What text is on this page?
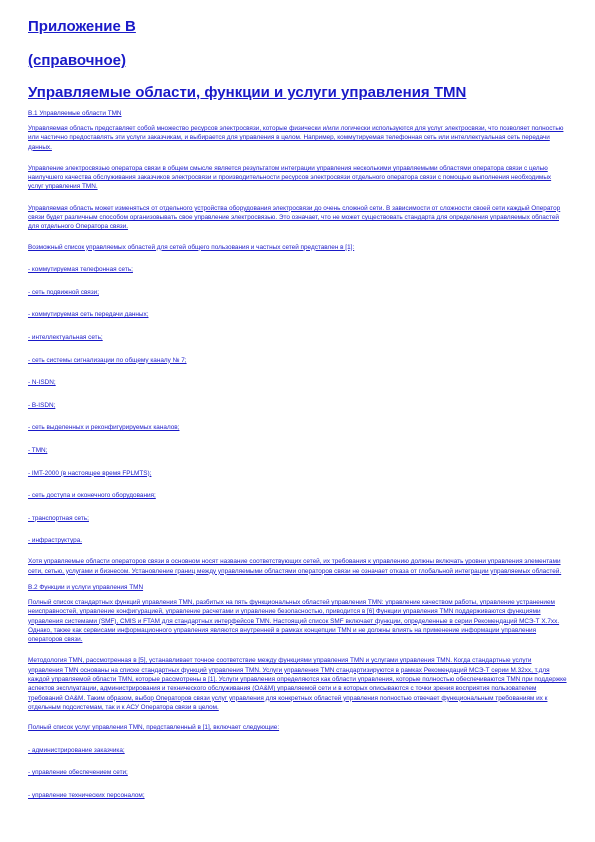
Приложение В

(справочное)

Управляемые области, функции и услуги управления TMN

В.1 Управляемые области TMN

Управляемая область представляет собой множество ресурсов электросвязи, которые физически и/или логически используются для услуг электросвязи, что позволяет полностью или частично предоставлять эти услуги заказчикам, и выбирается для управления в целом. Например, коммутируемая телефонная сеть или интеллектуальная сеть передачи данных.

Управление электросвязью оператора связи в общем смысле является результатом интеграции управления несколькими управляемыми областями оператора связи с целью наилучшего качества обслуживания заказчиков электросвязи и производительности ресурсов электросвязи отдельного оператора связи с помощью выполнения необходимых услуг управления TMN.

Управляемая область может изменяться от отдельного устройства оборудования электросвязи до очень сложной сети. В зависимости от сложности своей сети каждый Оператор связи будет различным способом организовывать свое управление электросвязью. Это означает, что не может существовать стандарта для определения управляемых областей для отдельного Оператора связи.

Возможный список управляемых областей для сетей общего пользования и частных сетей представлен в [1]:

- коммутируемая телефонная сеть;

- сеть подвижной связи;

- коммутируемая сеть передачи данных;

- интеллектуальная сеть;

- сеть системы сигнализации по общему каналу № 7;

- N-ISDN;

- B-ISDN;

- сеть выделенных и реконфигурируемых каналов;

- TMN;

- IMT-2000 (в настоящее время FPLMTS);

- сеть доступа и оконечного оборудования;

- транспортная сеть;

- инфраструктура.

Хотя управляемые области операторов связи в основном носят название соответствующих сетей, их требования к управлению должны включать уровни управления элементами сети, сетью, услугами и бизнесом. Установление границ между управляемыми областями операторов связи не означает отказа от глобальной интеграции управляемых областей.

В.2 Функции и услуги управления TMN

Полный список стандартных функций управления TMN, разбитых на пять функциональных областей управления TMN: управление качеством работы, управление устранением неисправностей, управление конфигурацией, управление расчетами и управление безопасностью, приводится в [6] Функции управления TMN поддерживаются функциями управления системами (SMF), CMIS и FTAM для стандартных интерфейсов TMN. Настоящий список SMF включает функции, определенные в серии Рекомендаций МСЭ-Т Х.7хх. Однако, также как сервисами информационного управления являются внутренней в рамках концепции TMN и не должны влиять на применение информации управления операторов связи.

Методология TMN, рассмотренная в [5], устанавливает точное соответствие между функциями управления TMN и услугами управления TMN. Когда стандартные услуги управления TMN основаны на списке стандартных функций управления TMN. Услуги управления TMN стандартизируются в рамках Рекомендаций МСЭ-Т серии М.32хх, т.для каждой управляемой области TMN, которые рассмотрены в [1]. Услуги управления определяются как области управления, которые полностью обеспечиваются TMN при поддержке аспектов эксплуатации, администрирования и технического обслуживания (OA&M) управляемой сети и в которых описываются с точки зрения восприятия пользователем требований OA&M. Таким образом, выбор Операторов связи услуг управления для конкретных областей управления полностью отвечает функциональным требованиям их к отдельным подсистемам, так и к АСУ Оператора связи в целом.

Полный список услуг управления TMN, представленный в [1], включает следующие:

- администрирование заказчика;

- управление обеспечением сети;

- управление технических персоналом;
